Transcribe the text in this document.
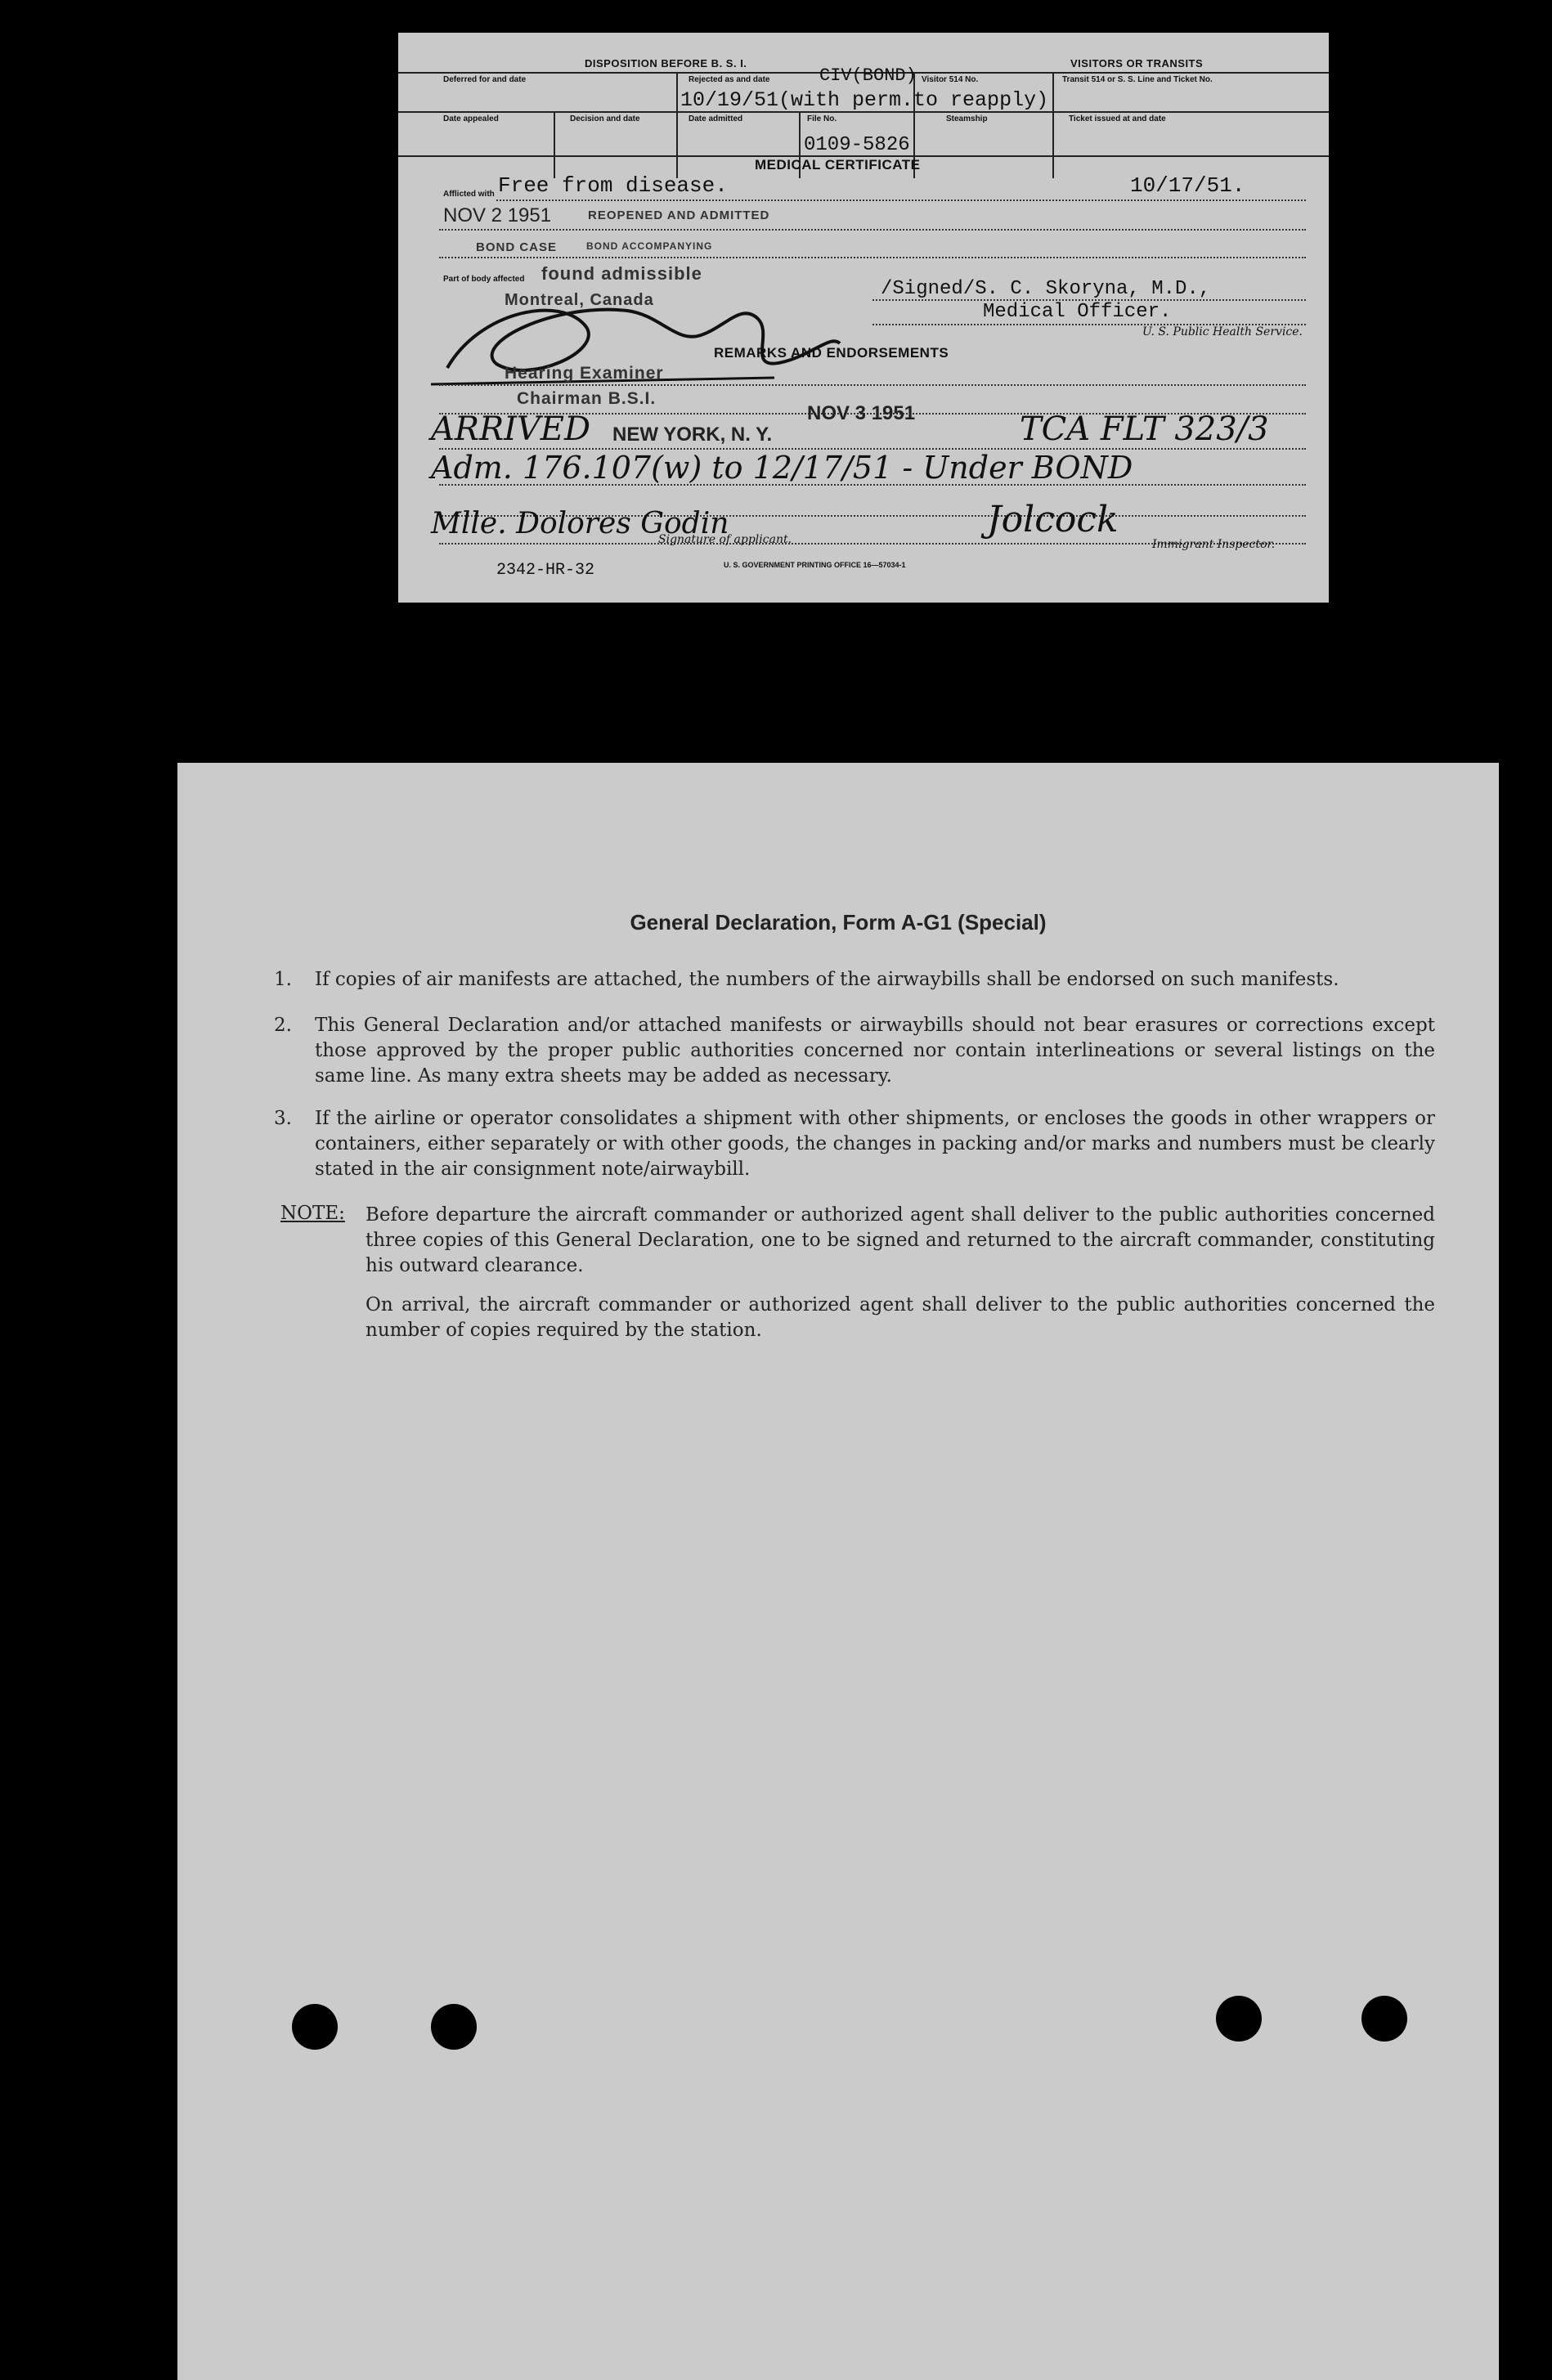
DISPOSITION BEFORE B. S. I.	VISITORS OR TRANSITS
Deferred for and date	Rejected as and date	Visitor 514 No.	Transit 514 or S. S. Line and Ticket No.
CIV(BOND)
10/19/51(with perm.to reapply)
Date appealed	Decision and date	Date admitted	File No.	Steamship	Ticket issued at and date
0109-5826
MEDICAL CERTIFICATE
Afflicted with Free from disease.	10/17/51.
NOV 2 1951	REOPENED AND ADMITTED
BOND CASE	BOND ACCOMPANYING
Part of body affected found admissible
Montreal, Canada	/Signed/S. C. Skoryna, M.D.,
Medical Officer.
U. S. Public Health Service.
REMARKS AND ENDORSEMENTS
Hearing Examiner
Chairman B.S.I.
ARRIVED NEW YORK, N. Y.
NOV 3 1951	TCA FLT 323/3
Adm. 176.107(w) to 12/17/51 - Under BOND
Mlle. Dolores Godin	Jolcock
Signature of applicant.	Immigrant Inspector.
2342-HR-32	U. S. GOVERNMENT PRINTING OFFICE 16—57034-1
General Declaration, Form A-G1 (Special)
1. If copies of air manifests are attached, the numbers of the airwaybills shall be endorsed on such manifests.
2. This General Declaration and/or attached manifests or airwaybills should not bear erasures or corrections except those approved by the proper public authorities concerned nor contain interlineations or several listings on the same line. As many extra sheets may be added as necessary.
3. If the airline or operator consolidates a shipment with other shipments, or encloses the goods in other wrappers or containers, either separately or with other goods, the changes in packing and/or marks and numbers must be clearly stated in the air consignment note/airwaybill.
NOTE: Before departure the aircraft commander or authorized agent shall deliver to the public authorities concerned three copies of this General Declaration, one to be signed and returned to the aircraft commander, constituting his outward clearance.
On arrival, the aircraft commander or authorized agent shall deliver to the public authorities concerned the number of copies required by the station.
